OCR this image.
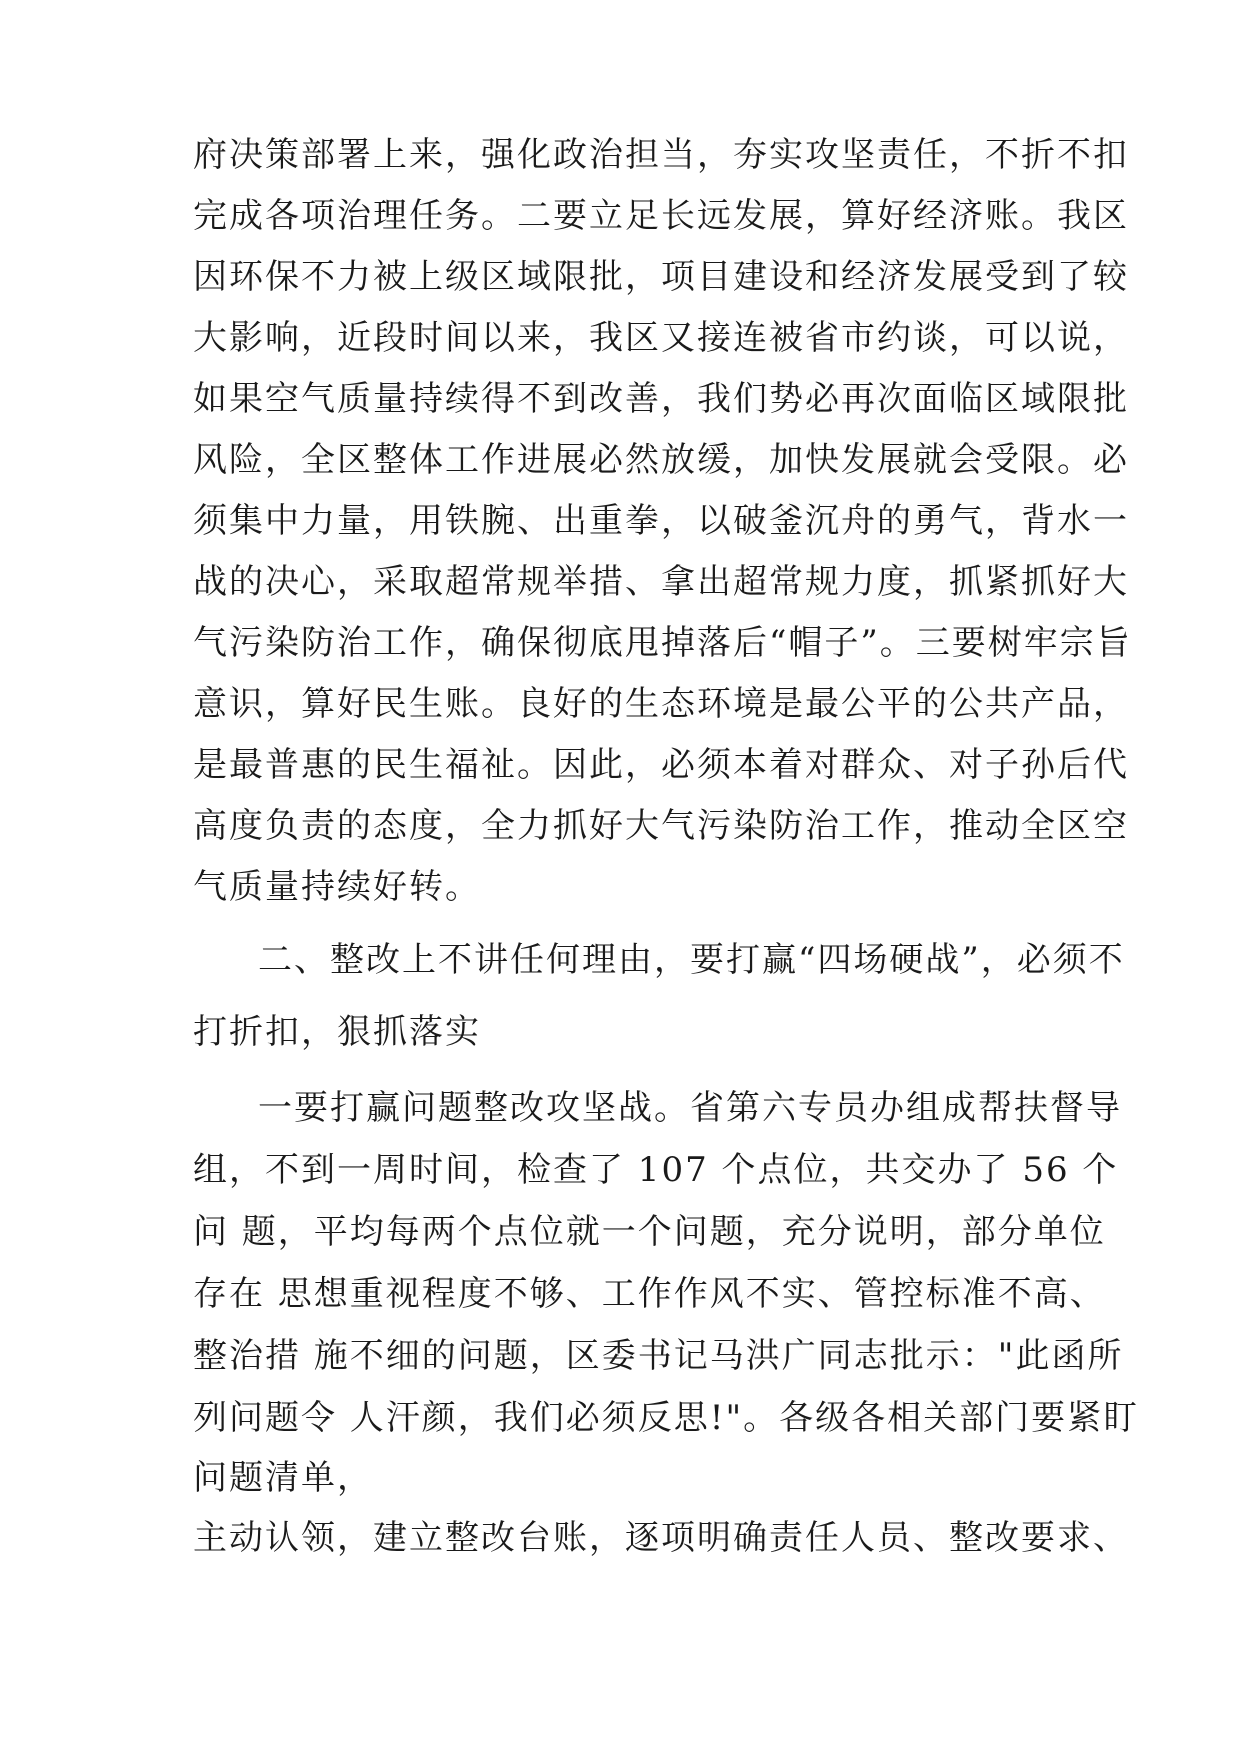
府决策部署上来，强化政治担当，夯实攻坚责任，不折不扣
完成各项治理任务。二要立足长远发展，算好经济账。我区
因环保不力被上级区域限批，项目建设和经济发展受到了较
大影响，近段时间以来，我区又接连被省市约谈，可以说，
如果空气质量持续得不到改善，我们势必再次面临区域限批
风险，全区整体工作进展必然放缓，加快发展就会受限。必
须集中力量，用铁腕、出重拳，以破釜沉舟的勇气，背水一
战的决心，采取超常规举措、拿出超常规力度，抓紧抓好大
气污染防治工作，确保彻底甩掉落后“帽子”。三要树牢宗旨
意识，算好民生账。良好的生态环境是最公平的公共产品，
是最普惠的民生福祉。因此，必须本着对群众、对子孙后代
高度负责的态度，全力抓好大气污染防治工作，推动全区空
气质量持续好转。
二、整改上不讲任何理由，要打赢“四场硬战”，必须不
打折扣，狠抓落实
一要打赢问题整改攻坚战。省第六专员办组成帮扶督导
组，不到一周时间，检查了 107 个点位，共交办了 56 个
问 题，平均每两个点位就一个问题，充分说明，部分单位
存在 思想重视程度不够、工作作风不实、管控标准不高、
整治措 施不细的问题，区委书记马洪广同志批示："此函所
列问题令 人汗颜，我们必须反思!"。各级各相关部门要紧盯
问题清单，
主动认领，建立整改台账，逐项明确责任人员、整改要求、
